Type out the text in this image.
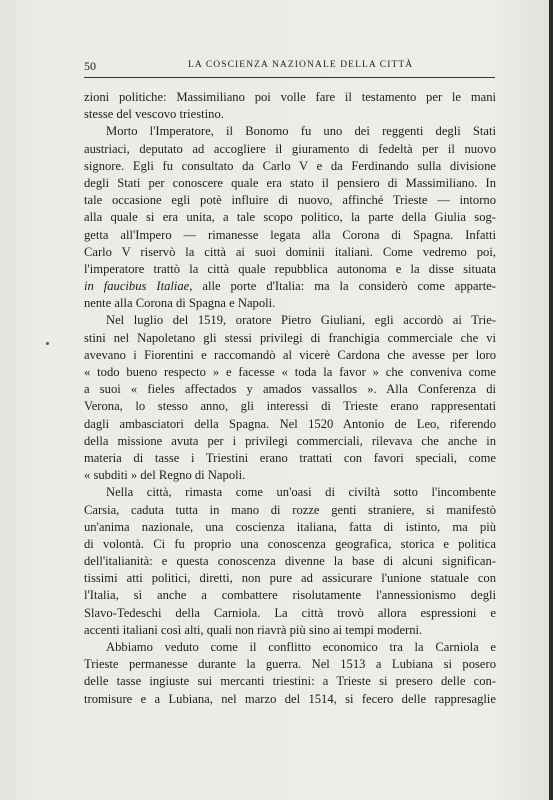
50	LA COSCIENZA NAZIONALE DELLA CITTÀ
zioni politiche: Massimiliano poi volle fare il testamento per le mani
stesse del vescovo triestino.
Morto l'Imperatore, il Bonomo fu uno dei reggenti degli Stati
austriaci, deputato ad accogliere il giuramento di fedeltà per il nuovo
signore. Egli fu consultato da Carlo V e da Ferdinando sulla divisione
degli Stati per conoscere quale era stato il pensiero di Massimiliano. In
tale occasione egli potè influire di nuovo, affinché Trieste — intorno
alla quale si era unita, a tale scopo politico, la parte della Giulia sog-
getta all'Impero — rimanesse legata alla Corona di Spagna. Infatti
Carlo V riservò la città ai suoi dominii italiani. Come vedremo poi,
l'imperatore trattò la città quale repubblica autonoma e la disse situata
in faucibus Italiae, alle porte d'Italia: ma la considerò come apparte-
nente alla Corona di Spagna e Napoli.
Nel luglio del 1519, oratore Pietro Giuliani, egli accordò ai Trie-
stini nel Napoletano gli stessi privilegi di franchigia commerciale che vi
avevano i Fiorentini e raccomandò al vicerè Cardona che avesse per loro
« todo bueno respecto » e facesse « toda la favor » che conveniva come
a suoi « fieles affectados y amados vassallos ». Alla Conferenza di
Verona, lo stesso anno, gli interessi di Trieste erano rappresentati
dagli ambasciatori della Spagna. Nel 1520 Antonio de Leo, riferendo
della missione avuta per i privilegi commerciali, rilevava che anche in
materia di tasse i Triestini erano trattati con favori speciali, come
« subditi » del Regno di Napoli.
Nella città, rimasta come un'oasi di civiltà sotto l'incombente
Carsia, caduta tutta in mano di rozze genti straniere, si manifestò
un'anima nazionale, una coscienza italiana, fatta di istinto, ma più
di volontà. Ci fu proprio una conoscenza geografica, storica e politica
dell'italianità: e questa conoscenza divenne la base di alcuni significan-
tissimi atti politici, diretti, non pure ad assicurare l'unione statuale con
l'Italia, sì anche a combattere risolutamente l'annessionismo degli
Slavo-Tedeschi della Carniola. La città trovò allora espressioni e
accenti italiani così alti, quali non riavrà più sino ai tempi moderni.
Abbiamo veduto come il conflitto economico tra la Carniola e
Trieste permanesse durante la guerra. Nel 1513 a Lubiana si posero
delle tasse ingiuste sui mercanti triestini: a Trieste si presero delle con-
tromisure e a Lubiana, nel marzo del 1514, si fecero delle rappresaglie
